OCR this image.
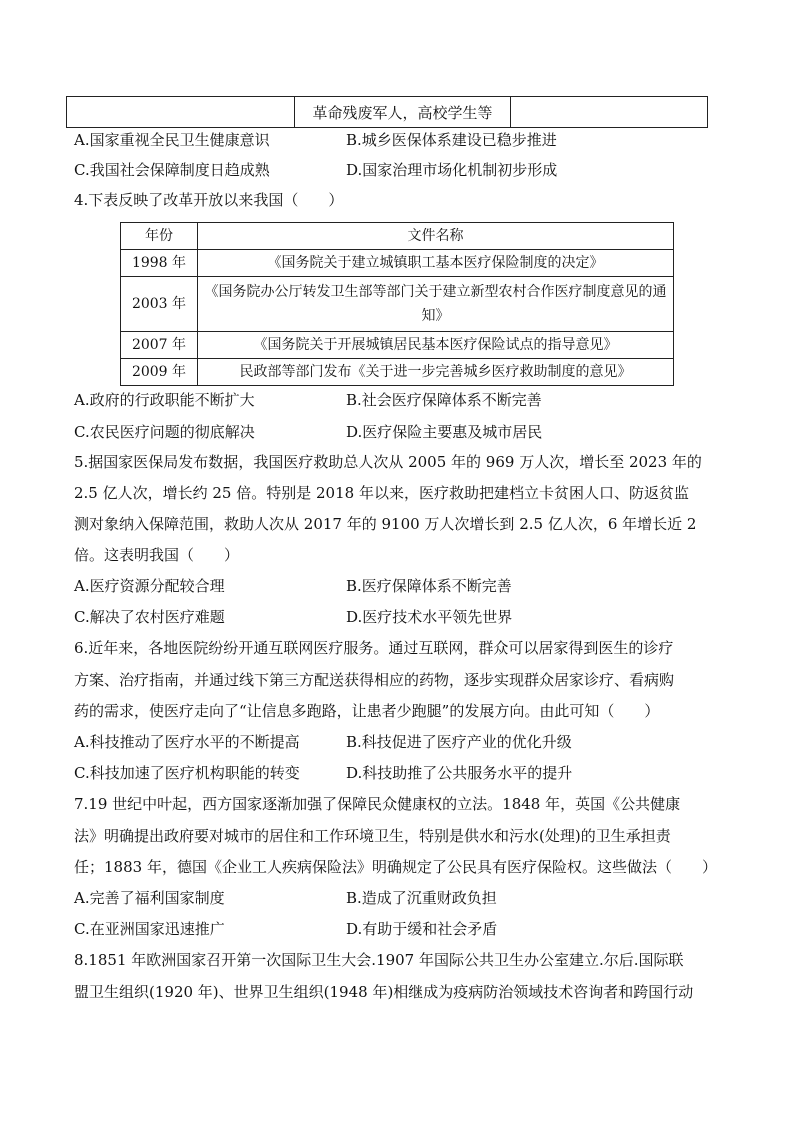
革命残废军人，高校学生等
A.国家重视全民卫生健康意识	B.城乡医保体系建设已稳步推进
C.我国社会保障制度日趋成熟	D.国家治理市场化机制初步形成
4.下表反映了改革开放以来我国（　　）
年份	文件名称
1998 年	《国务院关于建立城镇职工基本医疗保险制度的决定》
2003 年	《国务院办公厅转发卫生部等部门关于建立新型农村合作医疗制度意见的通
知》

2007 年	《国务院关于开展城镇居民基本医疗保险试点的指导意见》
2009 年	民政部等部门发布《关于进一步完善城乡医疗救助制度的意见》
A.政府的行政职能不断扩大	B.社会医疗保障体系不断完善
C.农民医疗问题的彻底解决	D.医疗保险主要惠及城市居民
5.据国家医保局发布数据，我国医疗救助总人次从 2005 年的 969 万人次，增长至 2023 年的
2.5 亿人次，增长约 25 倍。特别是 2018 年以来，医疗救助把建档立卡贫困人口、防返贫监
测对象纳入保障范围，救助人次从 2017 年的 9100 万人次增长到 2.5 亿人次，6 年增长近 2
倍。这表明我国（　　）
A.医疗资源分配较合理	B.医疗保障体系不断完善
C.解决了农村医疗难题	D.医疗技术水平领先世界
6.近年来，各地医院纷纷开通互联网医疗服务。通过互联网，群众可以居家得到医生的诊疗
方案、治疗指南，并通过线下第三方配送获得相应的药物，逐步实现群众居家诊疗、看病购
药的需求，使医疗走向了“让信息多跑路，让患者少跑腿”的发展方向。由此可知（　　）
A.科技推动了医疗水平的不断提高	B.科技促进了医疗产业的优化升级
C.科技加速了医疗机构职能的转变	D.科技助推了公共服务水平的提升
7.19 世纪中叶起，西方国家逐渐加强了保障民众健康权的立法。1848 年，英国《公共健康
法》明确提出政府要对城市的居住和工作环境卫生，特别是供水和污水(处理)的卫生承担责
任；1883 年，德国《企业工人疾病保险法》明确规定了公民具有医疗保险权。这些做法（　　）
A.完善了福利国家制度	B.造成了沉重财政负担
C.在亚洲国家迅速推广	D.有助于缓和社会矛盾
8.1851 年欧洲国家召开第一次国际卫生大会.1907 年国际公共卫生办公室建立.尔后.国际联
盟卫生组织(1920 年)、世界卫生组织(1948 年)相继成为疫病防治领域技术咨询者和跨国行动
